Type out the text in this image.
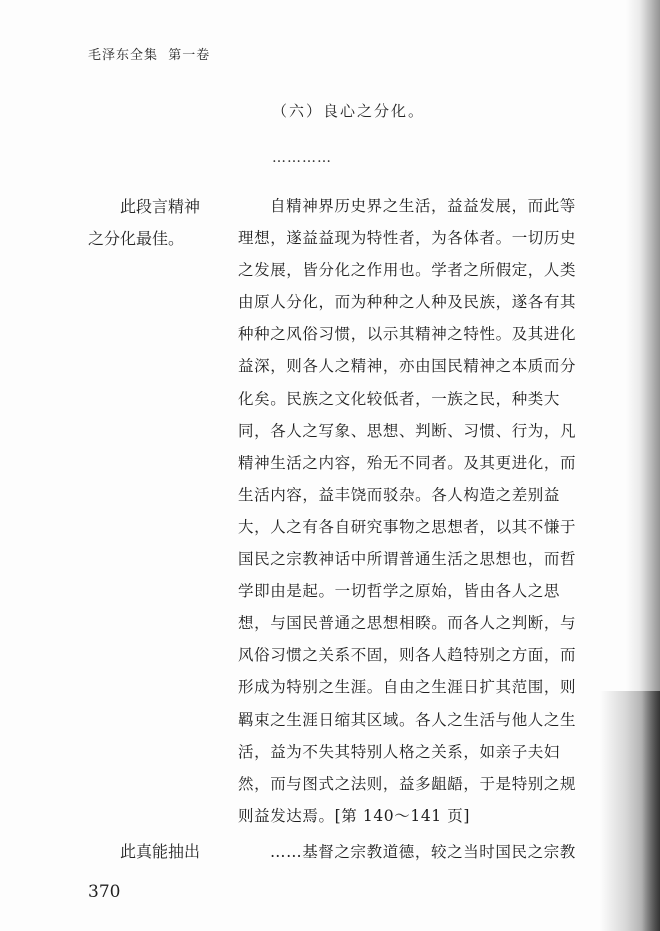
毛泽东全集 第一卷
（六）良心之分化。
…………
此段言精神
之分化最佳。
自精神界历史界之生活，益益发展，而此等
理想，遂益益现为特性者，为各体者。一切历史
之发展，皆分化之作用也。学者之所假定，人类
由原人分化，而为种种之人种及民族，遂各有其
种种之风俗习惯，以示其精神之特性。及其进化
益深，则各人之精神，亦由国民精神之本质而分
化矣。民族之文化较低者，一族之民，种类大
同，各人之写象、思想、判断、习惯、行为，凡
精神生活之内容，殆无不同者。及其更进化，而
生活内容，益丰饶而驳杂。各人构造之差别益
大，人之有各自研究事物之思想者，以其不慊于
国民之宗教神话中所谓普通生活之思想也，而哲
学即由是起。一切哲学之原始，皆由各人之思
想，与国民普通之思想相睽。而各人之判断，与
风俗习惯之关系不固，则各人趋特别之方面，而
形成为特别之生涯。自由之生涯日扩其范围，则
羁束之生涯日缩其区域。各人之生活与他人之生
活，益为不失其特别人格之关系，如亲子夫妇
然，而与图式之法则，益多龃龉，于是特别之规
则益发达焉。[第 140～141 页]
此真能抽出	……基督之宗教道德，较之当时国民之宗教
370
